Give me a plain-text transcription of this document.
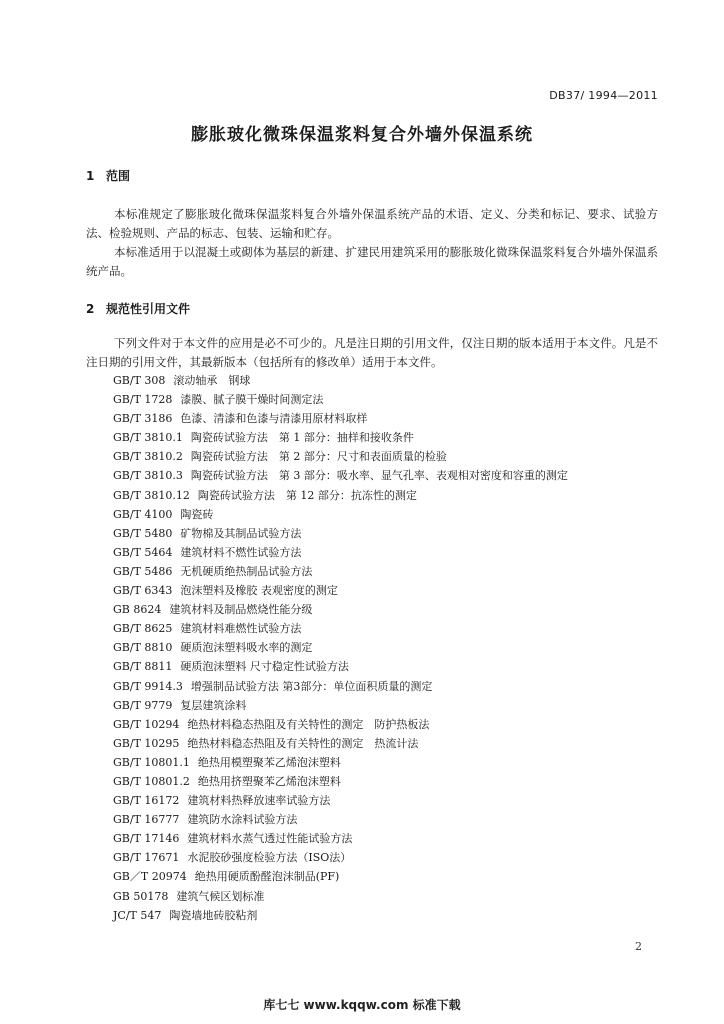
DB37/ 1994—2011
膨胀玻化微珠保温浆料复合外墙外保温系统
1 范围
本标准规定了膨胀玻化微珠保温浆料复合外墙外保温系统产品的术语、定义、分类和标记、要求、试验方法、检验规则、产品的标志、包装、运输和贮存。
本标准适用于以混凝土或砌体为基层的新建、扩建民用建筑采用的膨胀玻化微珠保温浆料复合外墙外保温系统产品。
2 规范性引用文件
下列文件对于本文件的应用是必不可少的。凡是注日期的引用文件，仅注日期的版本适用于本文件。凡是不注日期的引用文件，其最新版本（包括所有的修改单）适用于本文件。
GB/T 308 滚动轴承　钢球
GB/T 1728 漆膜、腻子膜干燥时间测定法
GB/T 3186 色漆、清漆和色漆与清漆用原材料取样
GB/T 3810.1 陶瓷砖试验方法　第 1 部分：抽样和接收条件
GB/T 3810.2 陶瓷砖试验方法　第 2 部分：尺寸和表面质量的检验
GB/T 3810.3 陶瓷砖试验方法　第 3 部分：吸水率、显气孔率、表观相对密度和容重的测定
GB/T 3810.12 陶瓷砖试验方法　第 12 部分：抗冻性的测定
GB/T 4100 陶瓷砖
GB/T 5480 矿物棉及其制品试验方法
GB/T 5464 建筑材料不燃性试验方法
GB/T 5486 无机硬质绝热制品试验方法
GB/T 6343 泡沫塑料及橡胶 表观密度的测定
GB 8624 建筑材料及制品燃烧性能分级
GB/T 8625 建筑材料难燃性试验方法
GB/T 8810 硬质泡沫塑料吸水率的测定
GB/T 8811 硬质泡沫塑料 尺寸稳定性试验方法
GB/T 9914.3 增强制品试验方法 第3部分：单位面积质量的测定
GB/T 9779 复层建筑涂料
GB/T 10294 绝热材料稳态热阻及有关特性的测定　防护热板法
GB/T 10295 绝热材料稳态热阻及有关特性的测定　热流计法
GB/T 10801.1 绝热用模塑聚苯乙烯泡沫塑料
GB/T 10801.2 绝热用挤塑聚苯乙烯泡沫塑料
GB/T 16172 建筑材料热释放速率试验方法
GB/T 16777 建筑防水涂料试验方法
GB/T 17146 建筑材料水蒸气透过性能试验方法
GB/T 17671 水泥胶砂强度检验方法（ISO法）
GB／T 20974 绝热用硬质酚醛泡沫制品(PF)
GB 50178 建筑气候区划标准
JC/T 547 陶瓷墙地砖胶粘剂
2
库七七 www.kqqw.com 标准下载
